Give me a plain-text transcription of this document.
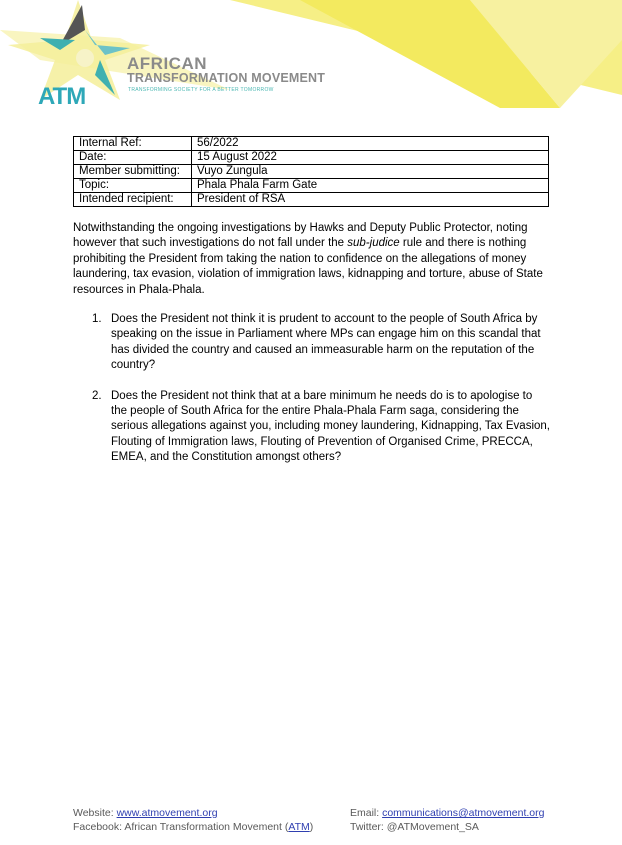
ATM
AFRICAN
TRANSFORMATION MOVEMENT
TRANSFORMING SOCIETY FOR A BETTER TOMORROW
Internal Ref:	56/2022
Date:	15 August 2022
Member submitting:	Vuyo Zungula
Topic:	Phala Phala Farm Gate
Intended recipient:	President of RSA

Notwithstanding the ongoing investigations by Hawks and Deputy Public Protector, noting however that such investigations do not fall under the sub-judice rule and there is nothing prohibiting the President from taking the nation to confidence on the allegations of money laundering, tax evasion, violation of immigration laws, kidnapping and torture, abuse of State resources in Phala-Phala.

1. Does the President not think it is prudent to account to the people of South Africa by speaking on the issue in Parliament where MPs can engage him on this scandal that has divided the country and caused an immeasurable harm on the reputation of the country?
2. Does the President not think that at a bare minimum he needs do is to apologise to the people of South Africa for the entire Phala-Phala Farm saga, considering the serious allegations against you, including money laundering, Kidnapping, Tax Evasion, Flouting of Immigration laws, Flouting of Prevention of Organised Crime, PRECCA, EMEA, and the Constitution amongst others?
Website: www.atmovement.org	Email: communications@atmovement.org
Facebook: African Transformation Movement (ATM)	Twitter: @ATMovement_SA
